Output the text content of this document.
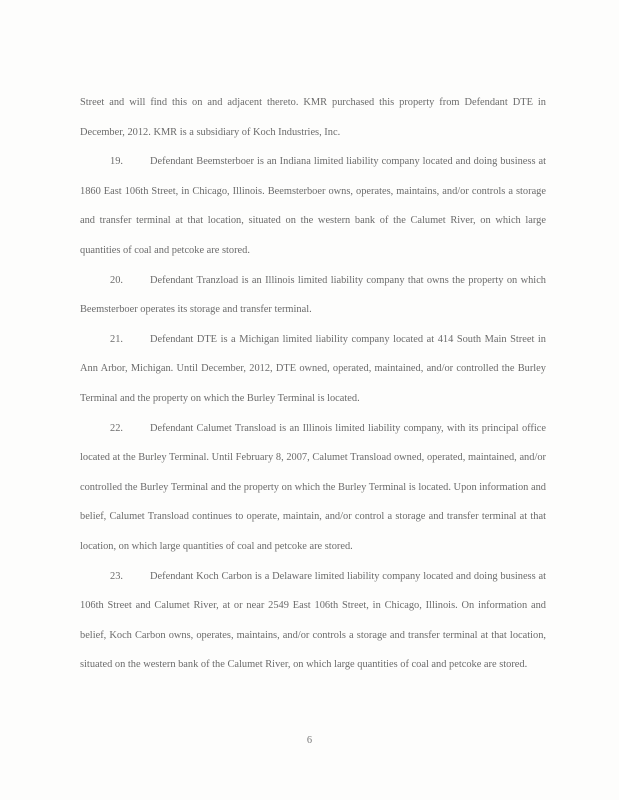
Street and will find this on and adjacent thereto. KMR purchased this property from Defendant DTE in December, 2012. KMR is a subsidiary of Koch Industries, Inc.

19.	Defendant Beemsterboer is an Indiana limited liability company located and doing business at 1860 East 106th Street, in Chicago, Illinois. Beemsterboer owns, operates, maintains, and/or controls a storage and transfer terminal at that location, situated on the western bank of the Calumet River, on which large quantities of coal and petcoke are stored.

20.	Defendant Tranzload is an Illinois limited liability company that owns the property on which Beemsterboer operates its storage and transfer terminal.

21.	Defendant DTE is a Michigan limited liability company located at 414 South Main Street in Ann Arbor, Michigan. Until December, 2012, DTE owned, operated, maintained, and/or controlled the Burley Terminal and the property on which the Burley Terminal is located.

22.	Defendant Calumet Transload is an Illinois limited liability company, with its principal office located at the Burley Terminal. Until February 8, 2007, Calumet Transload owned, operated, maintained, and/or controlled the Burley Terminal and the property on which the Burley Terminal is located. Upon information and belief, Calumet Transload continues to operate, maintain, and/or control a storage and transfer terminal at that location, on which large quantities of coal and petcoke are stored.

23.	Defendant Koch Carbon is a Delaware limited liability company located and doing business at 106th Street and Calumet River, at or near 2549 East 106th Street, in Chicago, Illinois. On information and belief, Koch Carbon owns, operates, maintains, and/or controls a storage and transfer terminal at that location, situated on the western bank of the Calumet River, on which large quantities of coal and petcoke are stored.

6
